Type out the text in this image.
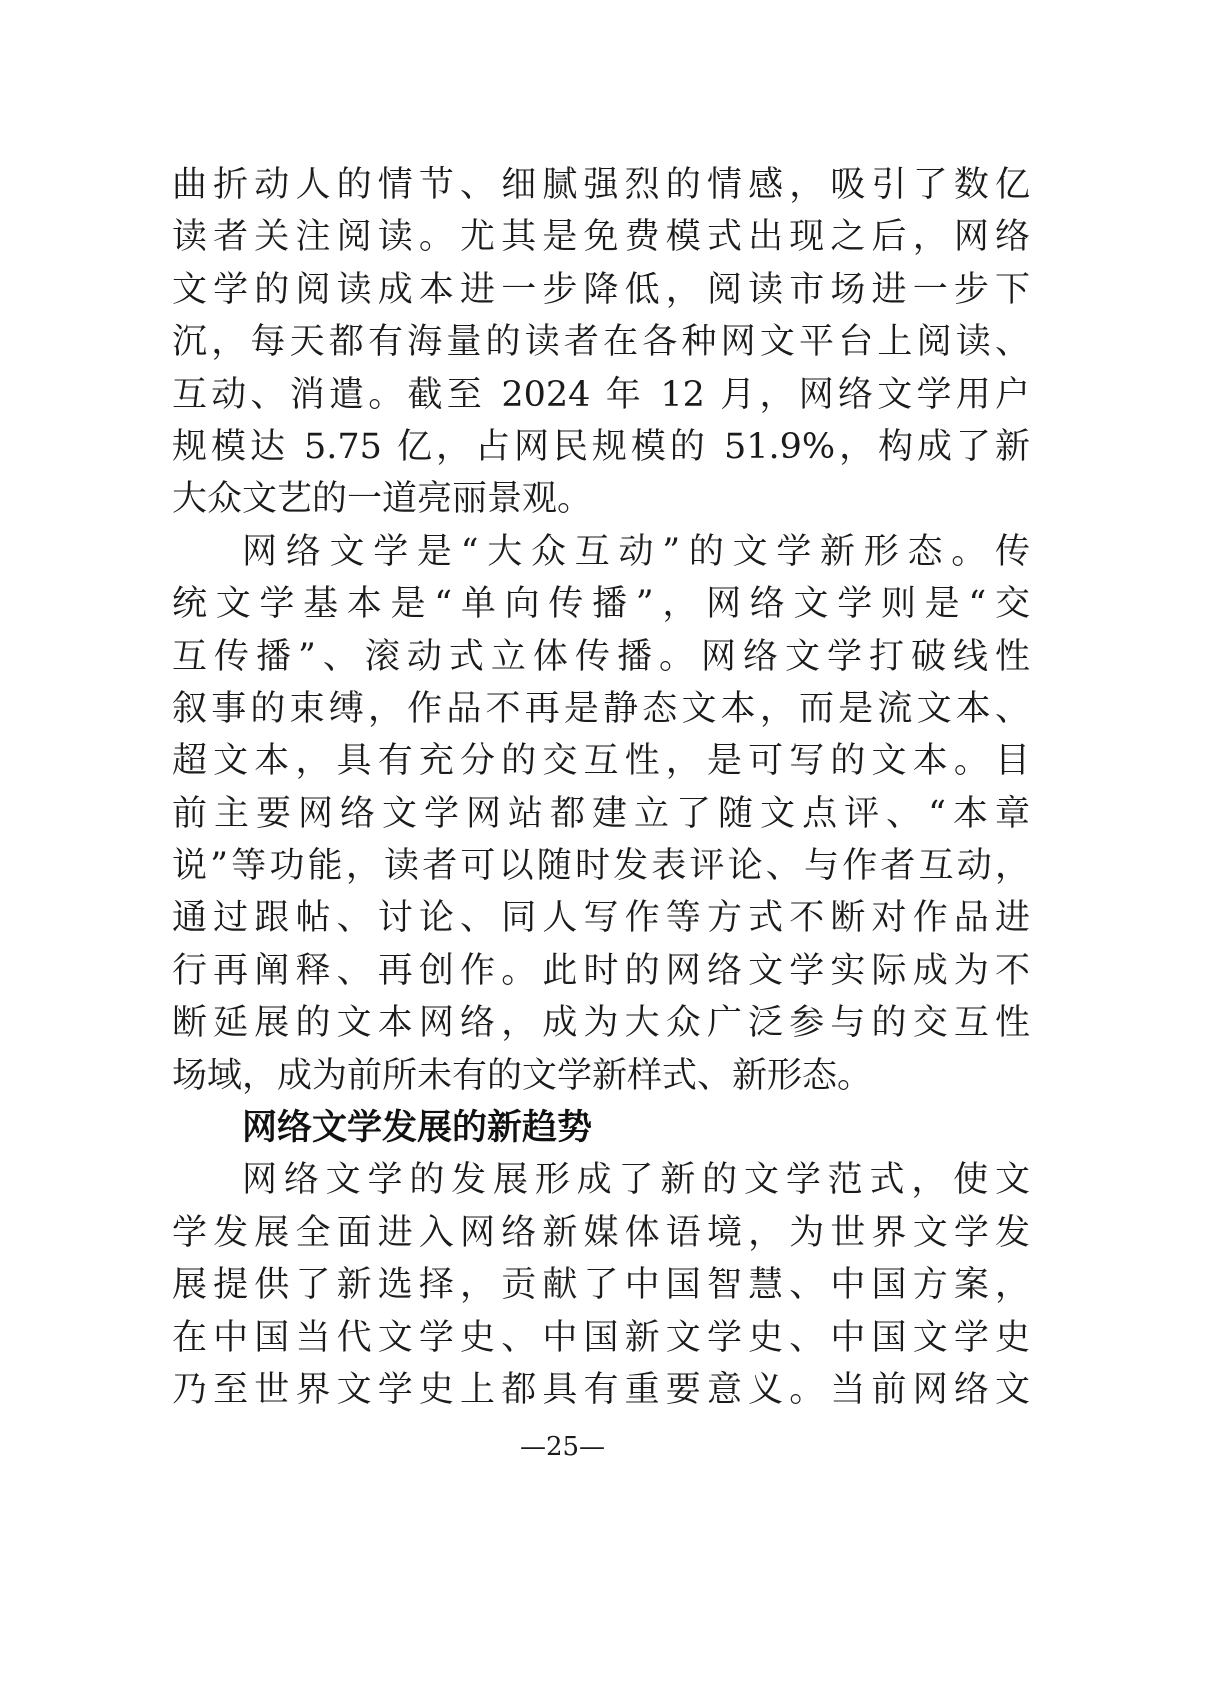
曲折动人的情节、细腻强烈的情感，吸引了数亿
读者关注阅读。尤其是免费模式出现之后，网络
文学的阅读成本进一步降低，阅读市场进一步下
沉，每天都有海量的读者在各种网文平台上阅读、
互动、消遣。截至 2024 年 12 月，网络文学用户
规模达 5.75 亿，占网民规模的 51.9%，构成了新
大众文艺的一道亮丽景观。
网络文学是“大众互动”的文学新形态。传
统文学基本是“单向传播”，网络文学则是“交
互传播”、滚动式立体传播。网络文学打破线性
叙事的束缚，作品不再是静态文本，而是流文本、
超文本，具有充分的交互性，是可写的文本。目
前主要网络文学网站都建立了随文点评、“本章
说”等功能，读者可以随时发表评论、与作者互动，
通过跟帖、讨论、同人写作等方式不断对作品进
行再阐释、再创作。此时的网络文学实际成为不
断延展的文本网络，成为大众广泛参与的交互性
场域，成为前所未有的文学新样式、新形态。
网络文学发展的新趋势
网络文学的发展形成了新的文学范式，使文
学发展全面进入网络新媒体语境，为世界文学发
展提供了新选择，贡献了中国智慧、中国方案，
在中国当代文学史、中国新文学史、中国文学史
乃至世界文学史上都具有重要意义。当前网络文
—25—
